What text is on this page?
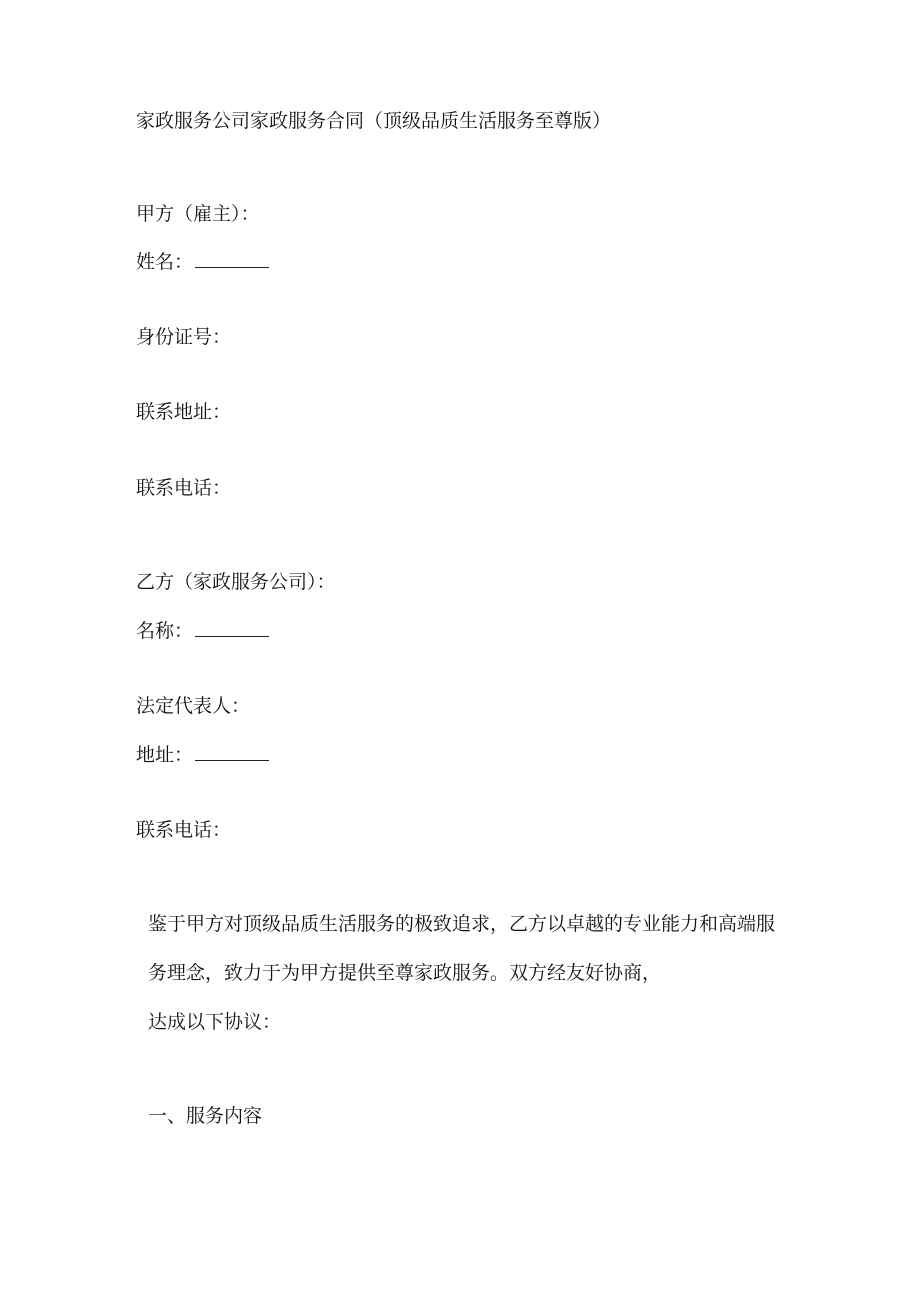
家政服务公司家政服务合同（顶级品质生活服务至尊版）
甲方（雇主）：
姓名：
身份证号：
联系地址：
联系电话：
乙方（家政服务公司）：
名称：
法定代表人：
地址：
联系电话：
鉴于甲方对顶级品质生活服务的极致追求，乙方以卓越的专业能力和高端服
务理念，致力于为甲方提供至尊家政服务。双方经友好协商，
达成以下协议：
一、服务内容
